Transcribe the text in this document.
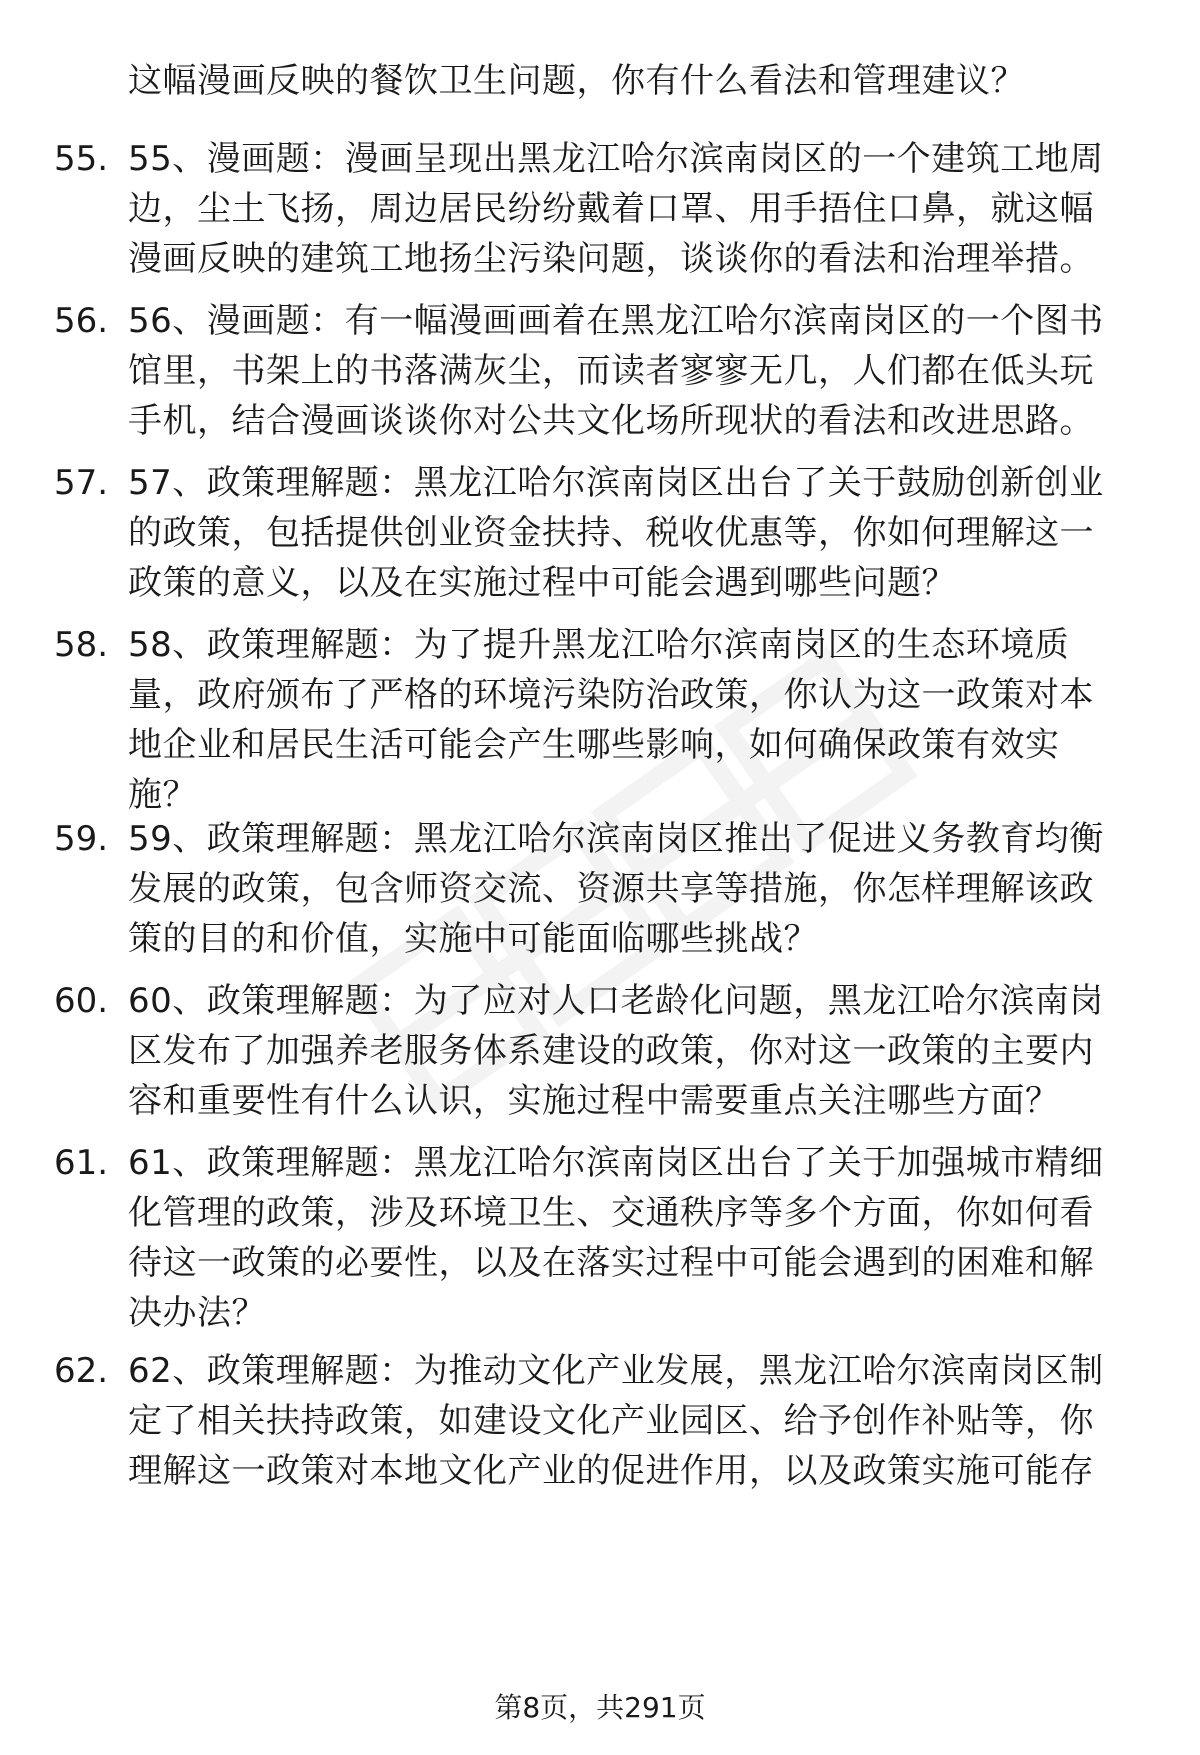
这幅漫画反映的餐饮卫生问题，你有什么看法和管理建议？
55. 55、漫画题：漫画呈现出黑龙江哈尔滨南岗区的一个建筑工地周
边，尘土飞扬，周边居民纷纷戴着口罩、用手捂住口鼻，就这幅
漫画反映的建筑工地扬尘污染问题，谈谈你的看法和治理举措。
56. 56、漫画题：有一幅漫画画着在黑龙江哈尔滨南岗区的一个图书
馆里，书架上的书落满灰尘，而读者寥寥无几，人们都在低头玩
手机，结合漫画谈谈你对公共文化场所现状的看法和改进思路。
57. 57、政策理解题：黑龙江哈尔滨南岗区出台了关于鼓励创新创业
的政策，包括提供创业资金扶持、税收优惠等，你如何理解这一
政策的意义，以及在实施过程中可能会遇到哪些问题？
58. 58、政策理解题：为了提升黑龙江哈尔滨南岗区的生态环境质
量，政府颁布了严格的环境污染防治政策，你认为这一政策对本
地企业和居民生活可能会产生哪些影响，如何确保政策有效实
施？
59. 59、政策理解题：黑龙江哈尔滨南岗区推出了促进义务教育均衡
发展的政策，包含师资交流、资源共享等措施，你怎样理解该政
策的目的和价值，实施中可能面临哪些挑战？
60. 60、政策理解题：为了应对人口老龄化问题，黑龙江哈尔滨南岗
区发布了加强养老服务体系建设的政策，你对这一政策的主要内
容和重要性有什么认识，实施过程中需要重点关注哪些方面？
61. 61、政策理解题：黑龙江哈尔滨南岗区出台了关于加强城市精细
化管理的政策，涉及环境卫生、交通秩序等多个方面，你如何看
待这一政策的必要性，以及在落实过程中可能会遇到的困难和解
决办法？
62. 62、政策理解题：为推动文化产业发展，黑龙江哈尔滨南岗区制
定了相关扶持政策，如建设文化产业园区、给予创作补贴等，你
理解这一政策对本地文化产业的促进作用，以及政策实施可能存
第8页，共291页
